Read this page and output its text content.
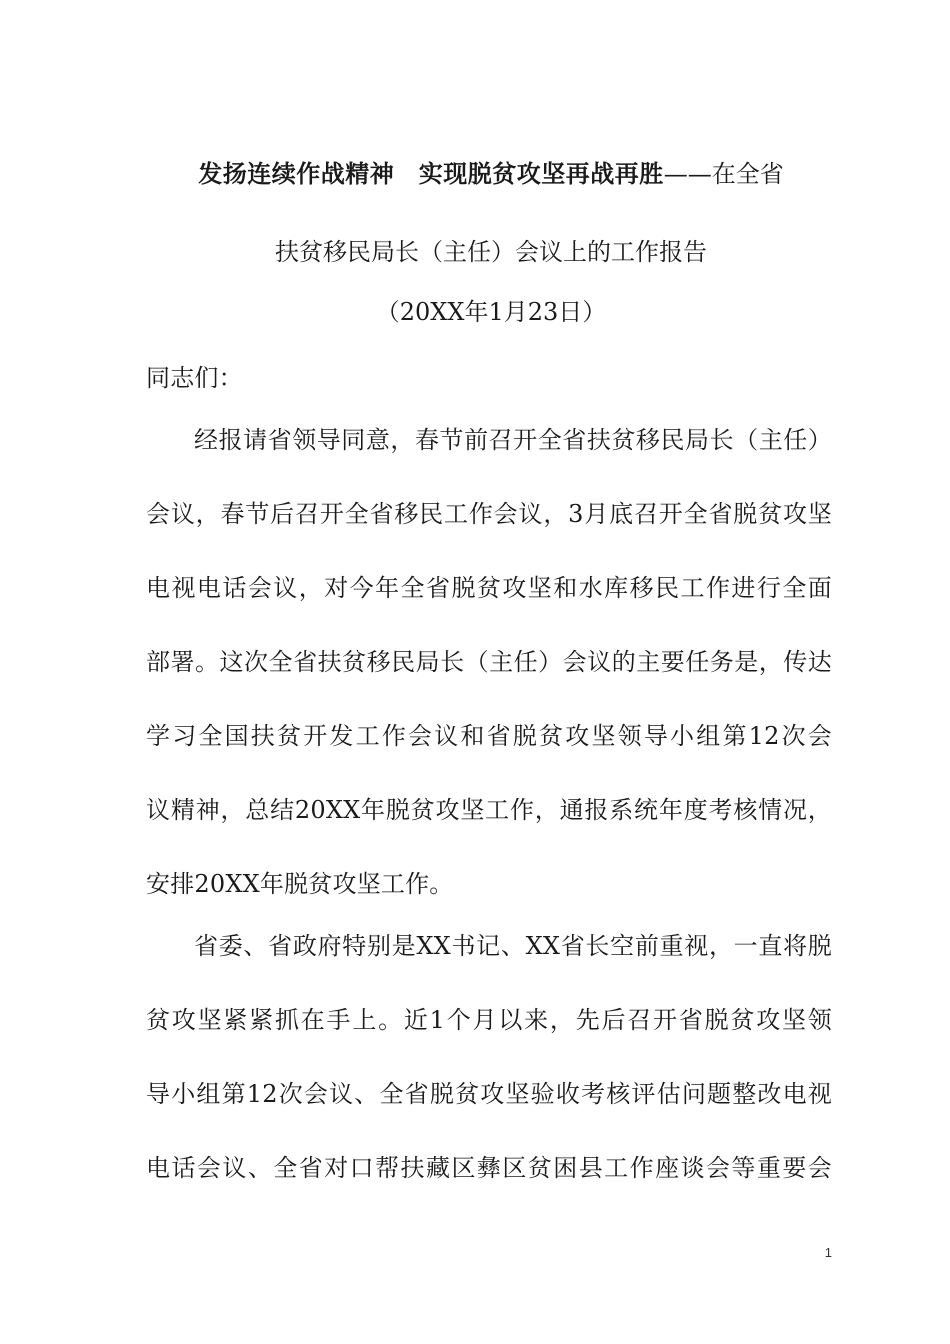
发扬连续作战精神　实现脱贫攻坚再战再胜——在全省
扶贫移民局长（主任）会议上的工作报告
（20XX年1月23日）
同志们：
经报请省领导同意，春节前召开全省扶贫移民局长（主任）
会议，春节后召开全省移民工作会议，3月底召开全省脱贫攻坚
电视电话会议，对今年全省脱贫攻坚和水库移民工作进行全面
部署。这次全省扶贫移民局长（主任）会议的主要任务是，传达
学习全国扶贫开发工作会议和省脱贫攻坚领导小组第12次会
议精神，总结20XX年脱贫攻坚工作，通报系统年度考核情况，
安排20XX年脱贫攻坚工作。
省委、省政府特别是XX书记、XX省长空前重视，一直将脱
贫攻坚紧紧抓在手上。近1个月以来，先后召开省脱贫攻坚领
导小组第12次会议、全省脱贫攻坚验收考核评估问题整改电视
电话会议、全省对口帮扶藏区彝区贫困县工作座谈会等重要会
1
